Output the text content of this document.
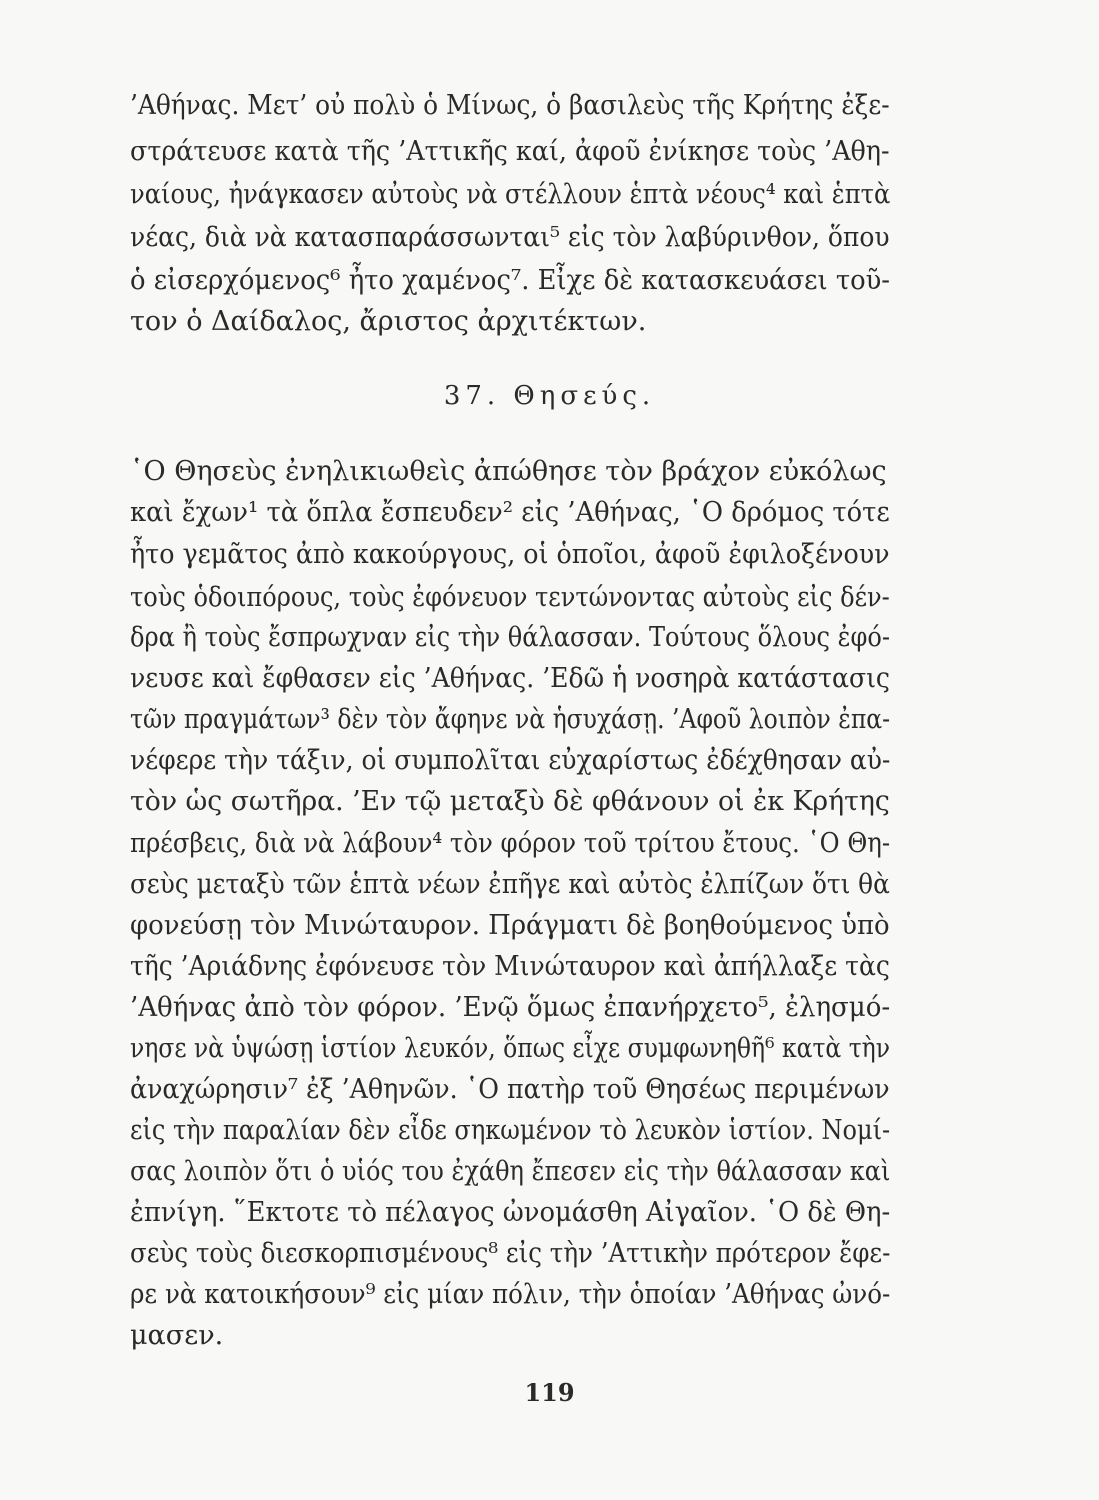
’Αθήνας. Μετ’ οὐ πολὺ ὁ Μίνως, ὁ βασιλεὺς τῆς Κρήτης ἐξε-
στράτευσε κατὰ τῆς ’Αττικῆς καί, ἀφοῦ ἐνίκησε τοὺς ’Αθη-
ναίους, ἠνάγκασεν αὐτοὺς νὰ στέλλουν ἑπτὰ νέους⁴ καὶ ἑπτὰ
νέας, διὰ νὰ κατασπαράσσωνται⁵ εἰς τὸν λαβύρινθον, ὅπου
ὁ εἰσερχόμενος⁶ ἦτο χαμένος⁷. Εἶχε δὲ κατασκευάσει τοῦ-
τον ὁ Δαίδαλος, ἄριστος ἀρχιτέκτων.
37. Θησεύς.
῾Ο Θησεὺς ἐνηλικιωθεὶς ἀπώθησε τὸν βράχον εὐκόλως
καὶ ἔχων¹ τὰ ὅπλα ἔσπευδεν² εἰς ’Αθήνας, ῾Ο δρόμος τότε
ἦτο γεμᾶτος ἀπὸ κακούργους, οἱ ὁποῖοι, ἀφοῦ ἐφιλοξένουν
τοὺς ὁδοιπόρους, τοὺς ἐφόνευον τεντώνοντας αὐτοὺς εἰς δέν-
δρα ἢ τοὺς ἔσπρωχναν εἰς τὴν θάλασσαν. Τούτους ὅλους ἐφό-
νευσε καὶ ἔφθασεν εἰς ’Αθήνας. ’Εδῶ ἡ νοσηρὰ κατάστασις
τῶν πραγμάτων³ δὲν τὸν ἄφηνε νὰ ἡσυχάσῃ. ’Αφοῦ λοιπὸν ἐπα-
νέφερε τὴν τάξιν, οἱ συμπολῖται εὐχαρίστως ἐδέχθησαν αὐ-
τὸν ὡς σωτῆρα. ’Εν τῷ μεταξὺ δὲ φθάνουν οἱ ἐκ Κρήτης
πρέσβεις, διὰ νὰ λάβουν⁴ τὸν φόρον τοῦ τρίτου ἔτους. ῾Ο Θη-
σεὺς μεταξὺ τῶν ἑπτὰ νέων ἐπῆγε καὶ αὐτὸς ἐλπίζων ὅτι θὰ
φονεύσῃ τὸν Μινώταυρον. Πράγματι δὲ βοηθούμενος ὑπὸ
τῆς ’Αριάδνης ἐφόνευσε τὸν Μινώταυρον καὶ ἀπήλλαξε τὰς
’Αθήνας ἀπὸ τὸν φόρον. ’Ενῷ ὅμως ἐπανήρχετο⁵, ἐλησμό-
νησε νὰ ὑψώσῃ ἱστίον λευκόν, ὅπως εἶχε συμφωνηθῆ⁶ κατὰ τὴν
ἀναχώρησιν⁷ ἐξ ’Αθηνῶν. ῾Ο πατὴρ τοῦ Θησέως περιμένων
εἰς τὴν παραλίαν δὲν εἶδε σηκωμένον τὸ λευκὸν ἱστίον. Νομί-
σας λοιπὸν ὅτι ὁ υἱός του ἐχάθη ἔπεσεν εἰς τὴν θάλασσαν καὶ
ἐπνίγη. ῞Εκτοτε τὸ πέλαγος ὠνομάσθη Αἰγαῖον. ῾Ο δὲ Θη-
σεὺς τοὺς διεσκορπισμένους⁸ εἰς τὴν ’Αττικὴν πρότερον ἔφε-
ρε νὰ κατοικήσουν⁹ εἰς μίαν πόλιν, τὴν ὁποίαν ’Αθήνας ὠνό-
μασεν.
119
